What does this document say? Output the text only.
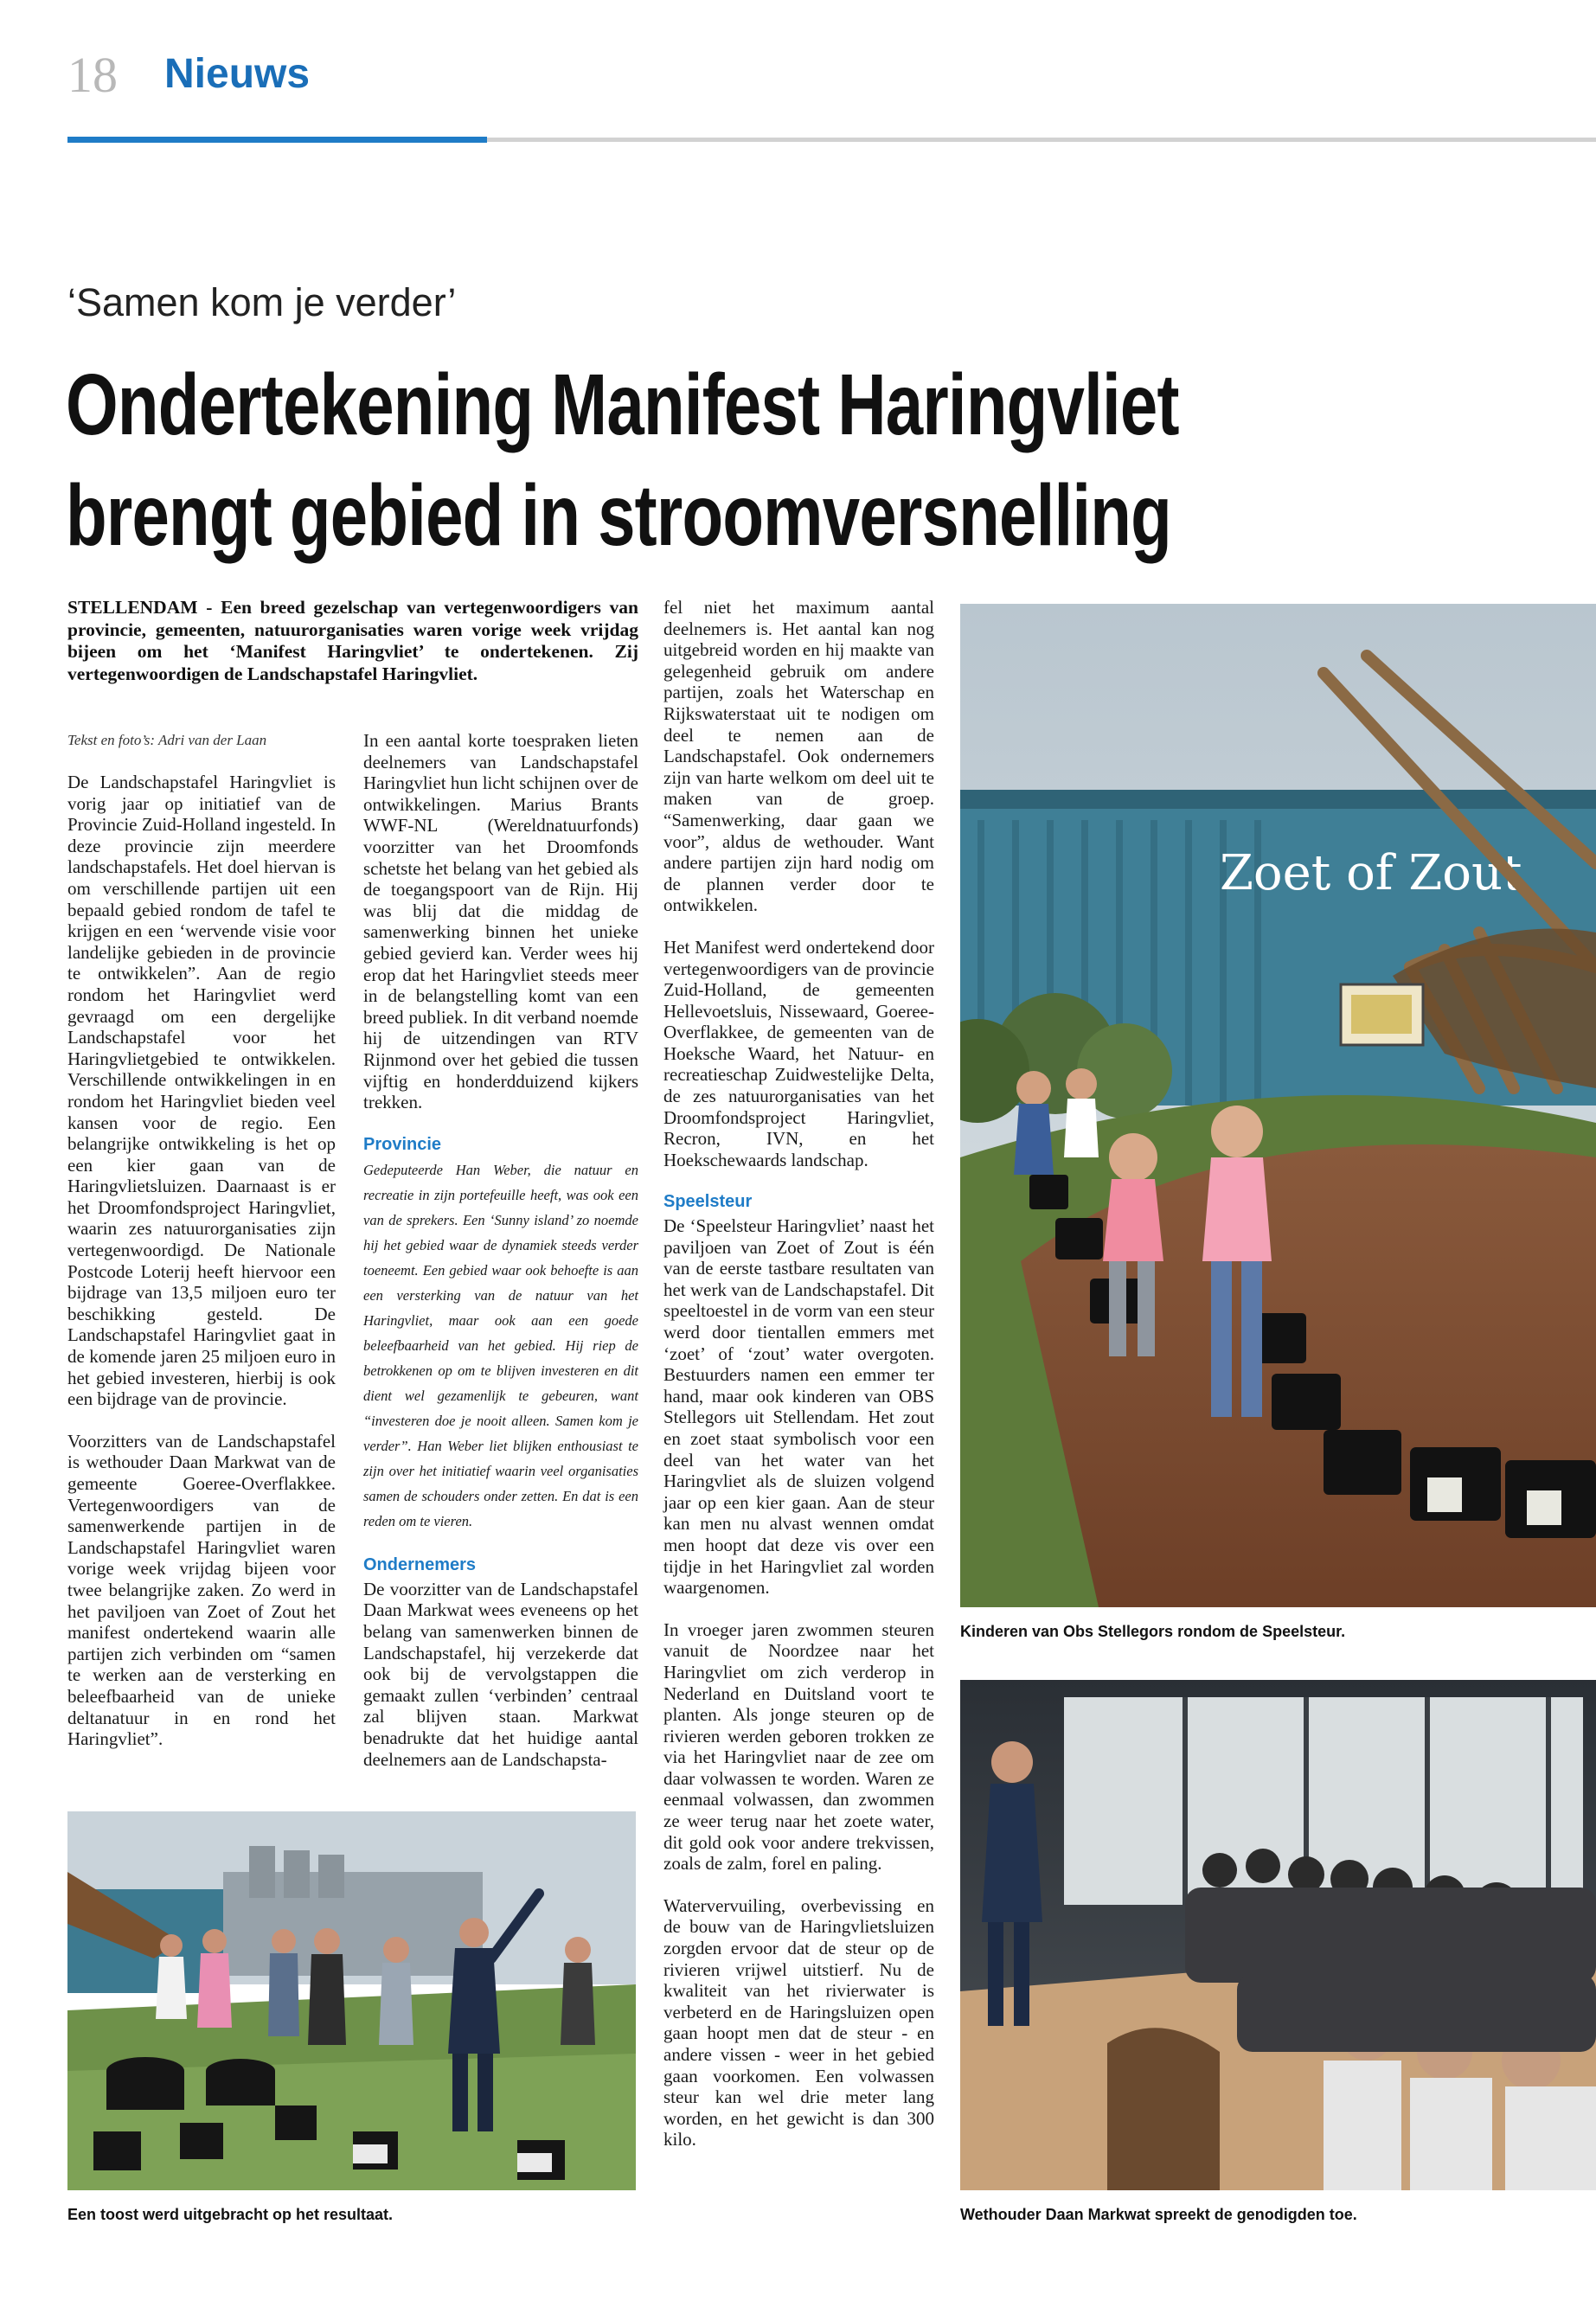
18 Nieuws
‘Samen kom je verder’
Ondertekening Manifest Haringvliet
brengt gebied in stroomversnelling
STELLENDAM - Een breed gezelschap van vertegenwoordigers van provincie, gemeenten, natuurorganisaties waren vorige week vrijdag bijeen om het ‘Manifest Haringvliet’ te ondertekenen. Zij vertegenwoordigen de Landschapstafel Haringvliet.
Tekst en foto’s: Adri van der Laan

De Landschapstafel Haringvliet is vorig jaar op initiatief van de Provincie Zuid-Holland ingesteld. In deze provincie zijn meerdere landschapstafels. Het doel hiervan is om verschillende partijen uit een bepaald gebied rondom de tafel te krijgen en een ‘wervende visie voor landelijke gebieden in de provincie te ontwikkelen”. Aan de regio rondom het Haringvliet werd gevraagd om een dergelijke Landschapstafel voor het Haringvlietgebied te ontwikkelen. Verschillende ontwikkelingen in en rondom het Haringvliet bieden veel kansen voor de regio. Een belangrijke ontwikkeling is het op een kier gaan van de Haringvlietsluizen. Daarnaast is er het Droomfondsproject Haringvliet, waarin zes natuurorganisaties zijn vertegenwoordigd. De Nationale Postcode Loterij heeft hiervoor een bijdrage van 13,5 miljoen euro ter beschikking gesteld. De Landschapstafel Haringvliet gaat in de komende jaren 25 miljoen euro in het gebied investeren, hierbij is ook een bijdrage van de provincie.

Voorzitters van de Landschapstafel is wethouder Daan Markwat van de gemeente Goeree-Overflakkee. Vertegenwoordigers van de samenwerkende partijen in de Landschapstafel Haringvliet waren vorige week vrijdag bijeen voor twee belangrijke zaken. Zo werd in het paviljoen van Zoet of Zout het manifest ondertekend waarin alle partijen zich verbinden om “samen te werken aan de versterking en beleefbaarheid van de unieke deltanatuur in en rond het Haringvliet”.

In een aantal korte toespraken lieten deelnemers van Landschapstafel Haringvliet hun licht schijnen over de ontwikkelingen. Marius Brants WWF-NL (Wereldnatuurfonds) voorzitter van het Droomfonds schetste het belang van het gebied als de toegangspoort van de Rijn. Hij was blij dat die middag de samenwerking binnen het unieke gebied gevierd kan. Verder wees hij erop dat het Haringvliet steeds meer in de belangstelling komt van een breed publiek. In dit verband noemde hij de uitzendingen van RTV Rijnmond over het gebied die tussen vijftig en honderdduizend kijkers trekken.

Provincie

Gedeputeerde Han Weber, die natuur en recreatie in zijn portefeuille heeft, was ook een van de sprekers. Een ‘Sunny island’ zo noemde hij het gebied waar de dynamiek steeds verder toeneemt. Een gebied waar ook behoefte is aan een versterking van de natuur van het Haringvliet, maar ook aan een goede beleefbaarheid van het gebied. Hij riep de betrokkenen op om te blijven investeren en dit dient wel gezamenlijk te gebeuren, want “investeren doe je nooit alleen. Samen kom je verder”. Han Weber liet blijken enthousiast te zijn over het initiatief waarin veel organisaties samen de schouders onder zetten. En dat is een reden om te vieren.

Ondernemers

De voorzitter van de Landschapstafel Daan Markwat wees eveneens op het belang van samenwerken binnen de Landschapstafel, hij verzekerde dat ook bij de vervolgstappen die gemaakt zullen ‘verbinden’ centraal zal blijven staan. Markwat benadrukte dat het huidige aantal deelnemers aan de Landschapsta-

fel niet het maximum aantal deelnemers is. Het aantal kan nog uitgebreid worden en hij maakte van gelegenheid gebruik om andere partijen, zoals het Waterschap en Rijkswaterstaat uit te nodigen om deel te nemen aan de Landschapstafel. Ook ondernemers zijn van harte welkom om deel uit te maken van de groep. “Samenwerking, daar gaan we voor”, aldus de wethouder. Want andere partijen zijn hard nodig om de plannen verder door te ontwikkelen.

Het Manifest werd ondertekend door vertegenwoordigers van de provincie Zuid-Holland, de gemeenten Hellevoetsluis, Nissewaard, Goeree-Overflakkee, de gemeenten van de Hoeksche Waard, het Natuur- en recreatieschap Zuidwestelijke Delta, de zes natuurorganisaties van het Droomfondsproject Haringvliet, Recron, IVN, en het Hoekschewaards landschap.

Speelsteur

De ‘Speelsteur Haringvliet’ naast het paviljoen van Zoet of Zout is één van de eerste tastbare resultaten van het werk van de Landschapstafel. Dit speeltoestel in de vorm van een steur werd door tientallen emmers met ‘zoet’ of ‘zout’ water overgoten. Bestuurders namen een emmer ter hand, maar ook kinderen van OBS Stellegors uit Stellendam. Het zout en zoet staat symbolisch voor een deel van het water van het Haringvliet als de sluizen volgend jaar op een kier gaan. Aan de steur kan men nu alvast wennen omdat men hoopt dat deze vis over een tijdje in het Haringvliet zal worden waargenomen.

In vroeger jaren zwommen steuren vanuit de Noordzee naar het Haringvliet om zich verderop in Nederland en Duitsland voort te planten. Als jonge steuren op de rivieren werden geboren trokken ze via het Haringvliet naar de zee om daar volwassen te worden. Waren ze eenmaal volwassen, dan zwommen ze weer terug naar het zoete water, dit gold ook voor andere trekvissen, zoals de zalm, forel en paling.

Watervervuiling, overbevissing en de bouw van de Haringvlietsluizen zorgden ervoor dat de steur op de rivieren vrijwel uitstierf. Nu de kwaliteit van het rivierwater is verbeterd en de Haringsluizen open gaan hoopt men dat de steur - en andere vissen - weer in het gebied gaan voorkomen. Een volwassen steur kan wel drie meter lang worden, en het gewicht is dan 300 kilo.

Zoet of Zout
Kinderen van Obs Stellegors rondom de Speelsteur.
Wethouder Daan Markwat spreekt de genodigden toe.
Een toost werd uitgebracht op het resultaat.
